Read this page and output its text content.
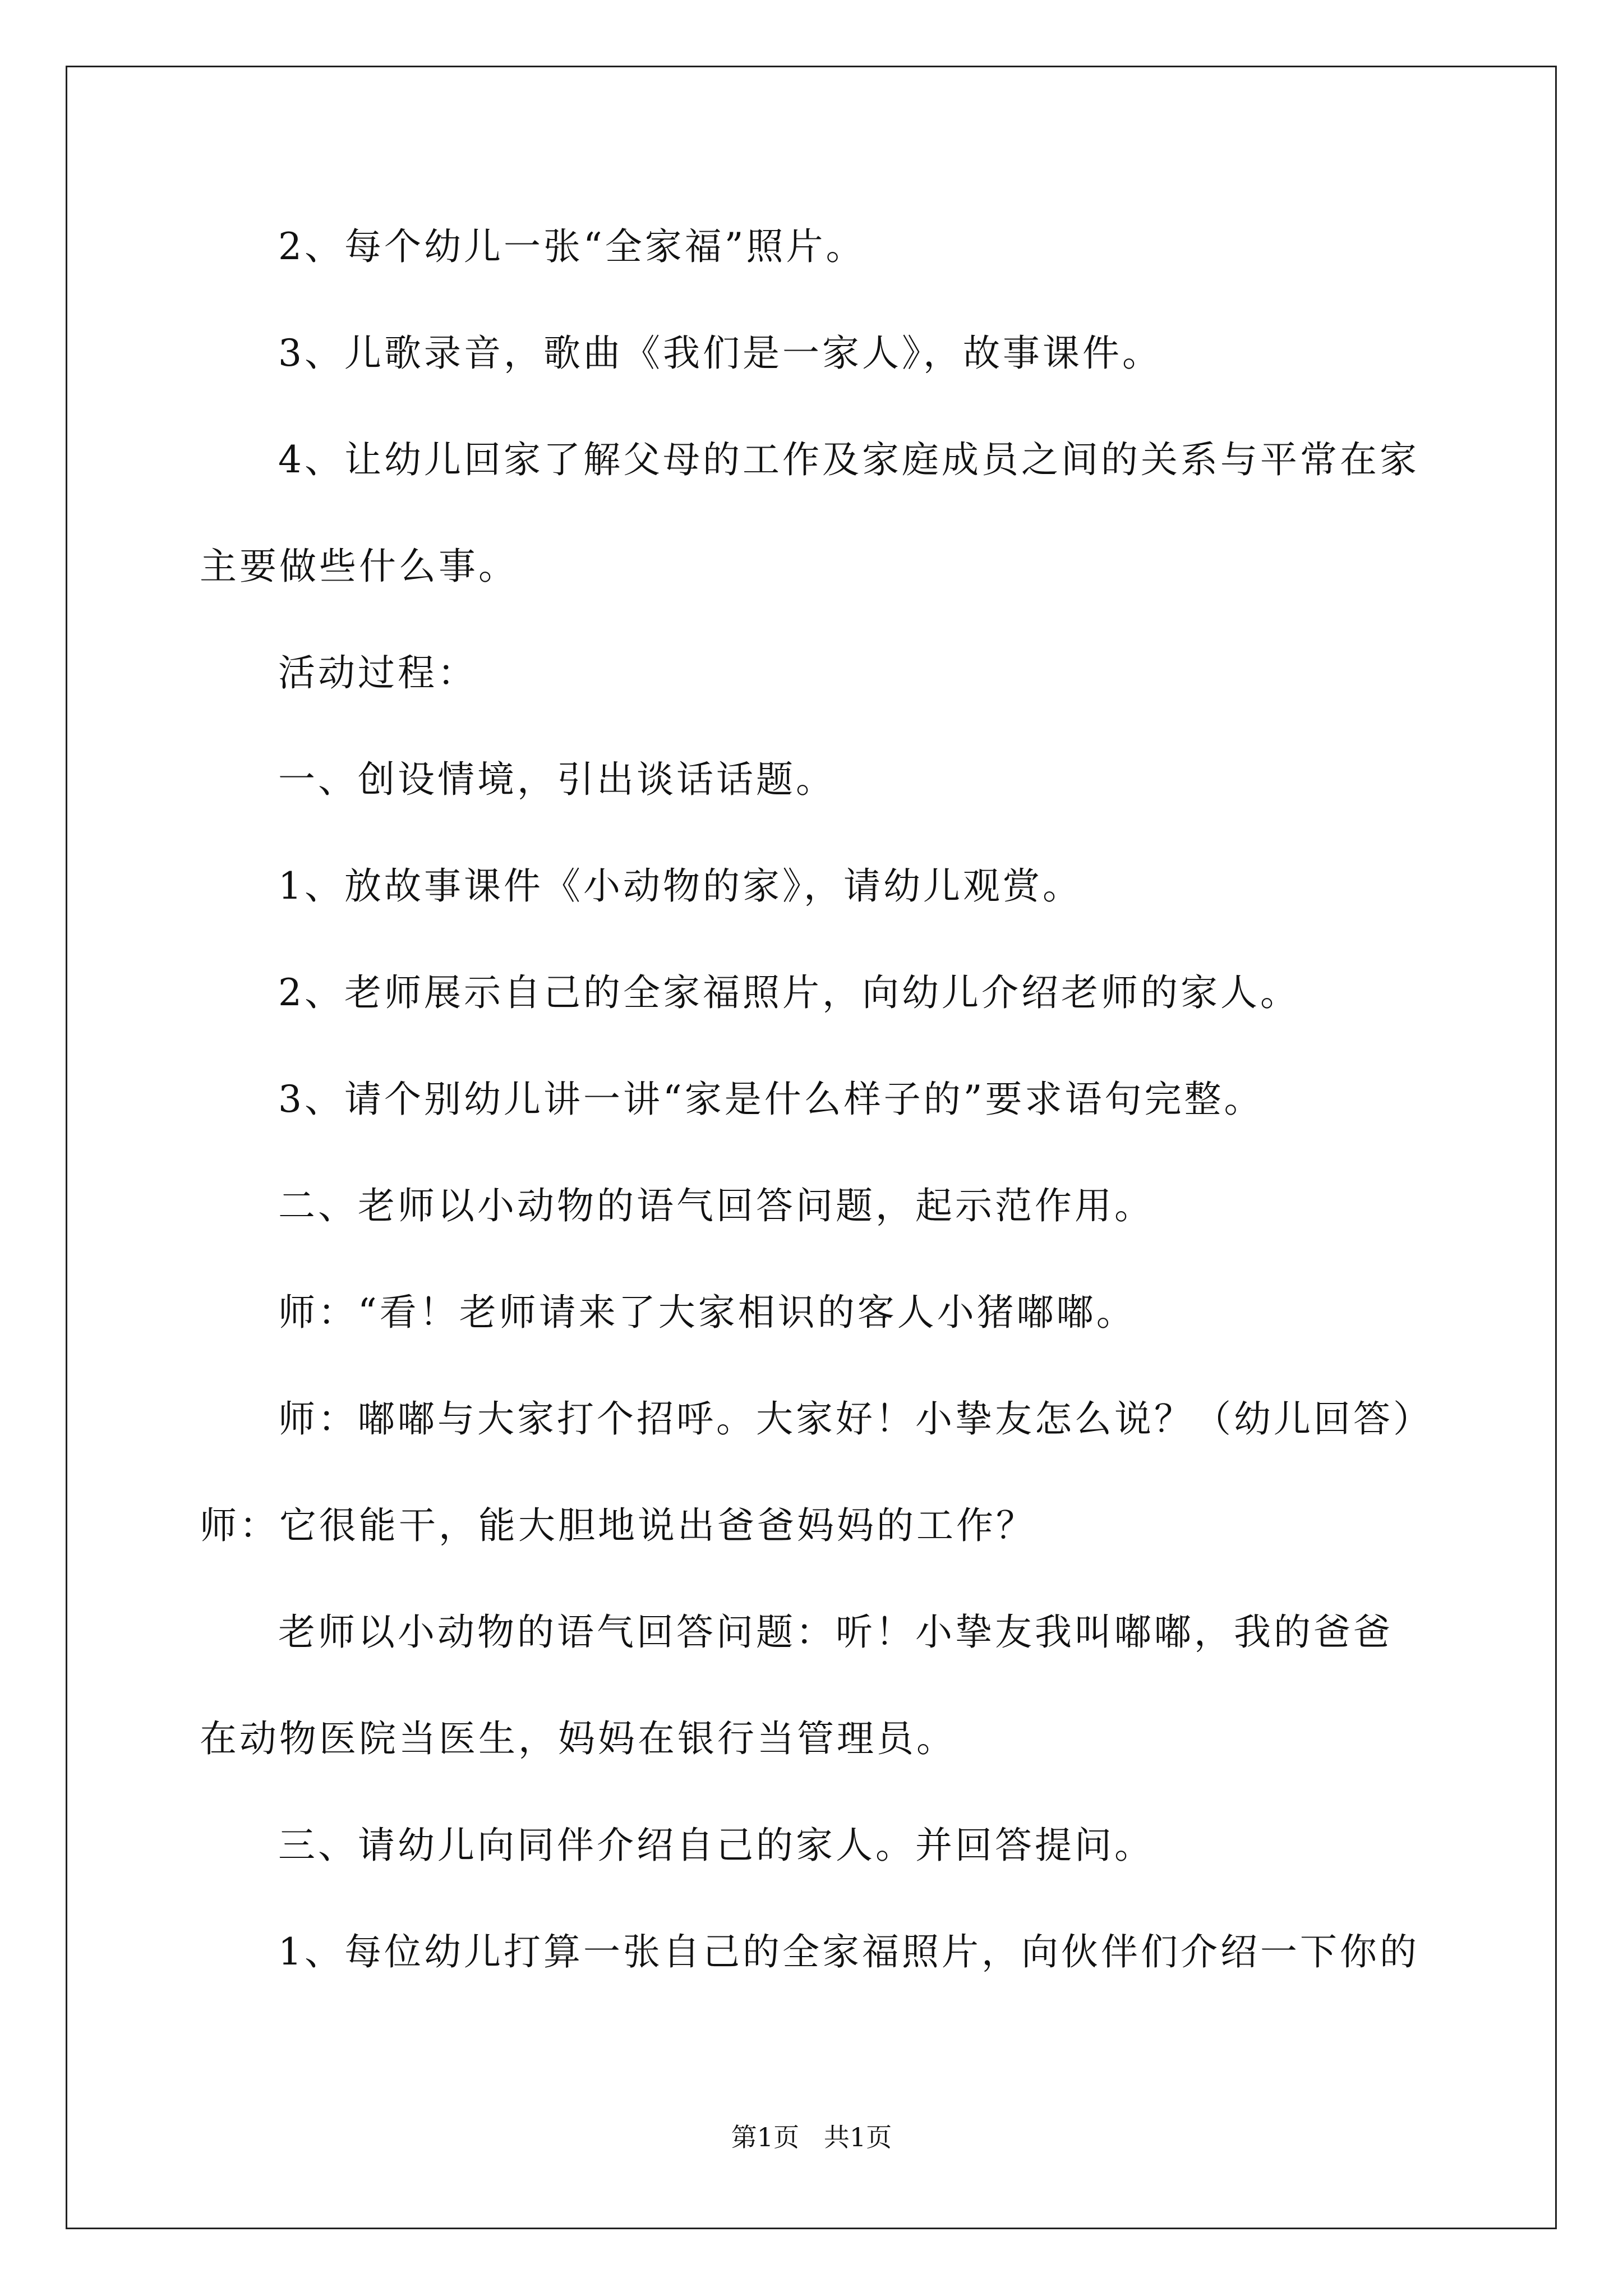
2、每个幼儿一张“全家福”照片。
3、儿歌录音，歌曲《我们是一家人》，故事课件。
4、让幼儿回家了解父母的工作及家庭成员之间的关系与平常在家
主要做些什么事。
活动过程：
一、创设情境，引出谈话话题。
1、放故事课件《小动物的家》，请幼儿观赏。
2、老师展示自己的全家福照片，向幼儿介绍老师的家人。
3、请个别幼儿讲一讲“家是什么样子的”要求语句完整。
二、老师以小动物的语气回答问题，起示范作用。
师：“看！老师请来了大家相识的客人小猪嘟嘟。
师：嘟嘟与大家打个招呼。大家好！小挚友怎么说？（幼儿回答）
师：它很能干，能大胆地说出爸爸妈妈的工作？
老师以小动物的语气回答问题：听！小挚友我叫嘟嘟，我的爸爸
在动物医院当医生，妈妈在银行当管理员。
三、请幼儿向同伴介绍自己的家人。并回答提问。
1、每位幼儿打算一张自己的全家福照片，向伙伴们介绍一下你的
第1页   共1页
